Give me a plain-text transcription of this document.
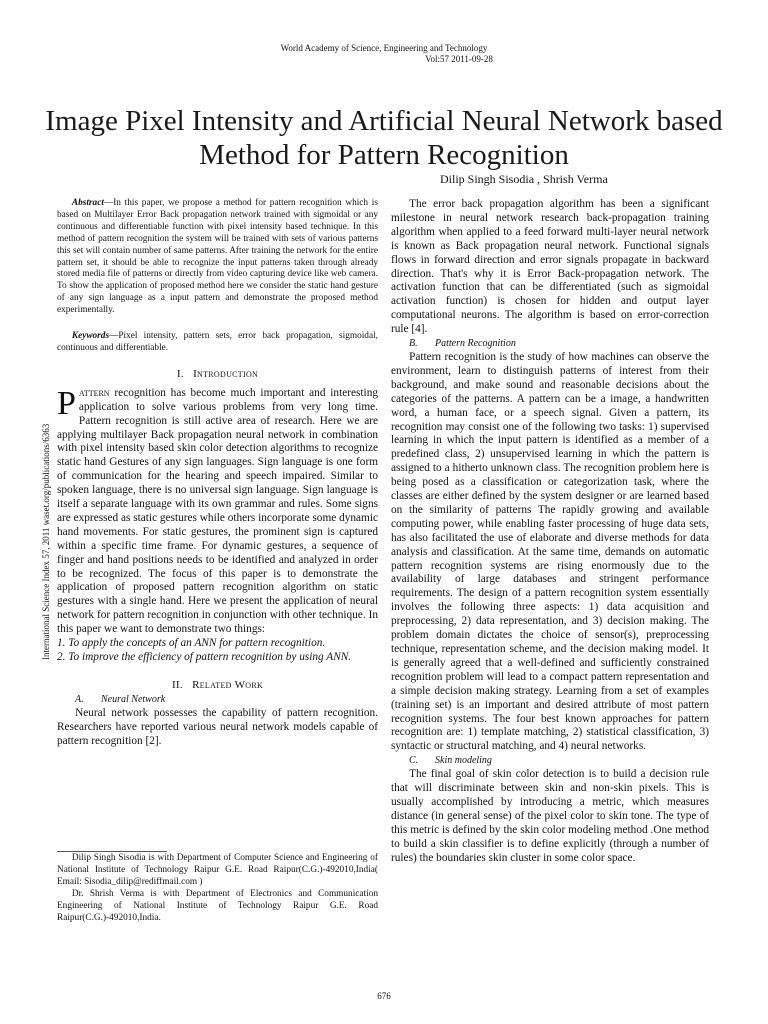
World Academy of Science, Engineering and Technology
Vol:57 2011-09-28
Image Pixel Intensity and Artificial Neural Network based Method for Pattern Recognition
Dilip Singh Sisodia , Shrish Verma
International Science Index 57, 2011 waset.org/publications/6363

Abstract—In this paper, we propose a method for pattern recognition which is based on Multilayer Error Back propagation network trained with sigmoidal or any continuous and differentiable function with pixel intensity based technique. In this method of pattern recognition the system will be trained with sets of various patterns this set will contain number of same patterns. After training the network for the entire pattern set, it should be able to recognize the input patterns taken through already stored media file of patterns or directly from video capturing device like web camera. To show the application of proposed method here we consider the static hand gesture of any sign language as a input pattern and demonstrate the proposed method experimentally.

Keywords—Pixel intensity, pattern sets, error back propagation, sigmoidal, continuous and differentiable.

I. Introduction

Pattern recognition has become much important and interesting application to solve various problems from very long time. Pattern recognition is still active area of research. Here we are applying multilayer Back propagation neural network in combination with pixel intensity based skin color detection algorithms to recognize static hand Gestures of any sign languages. Sign language is one form of communication for the hearing and speech impaired. Similar to spoken language, there is no universal sign language. Sign language is itself a separate language with its own grammar and rules. Some signs are expressed as static gestures while others incorporate some dynamic hand movements. For static gestures, the prominent sign is captured within a specific time frame. For dynamic gestures, a sequence of finger and hand positions needs to be identified and analyzed in order to be recognized. The focus of this paper is to demonstrate the application of proposed pattern recognition algorithm on static gestures with a single hand. Here we present the application of neural network for pattern recognition in conjunction with other technique. In this paper we want to demonstrate two things:

1. To apply the concepts of an ANN for pattern recognition.

2. To improve the efficiency of pattern recognition by using ANN.

II. Related Work
A. Neural Network

Neural network possesses the capability of pattern recognition. Researchers have reported various neural network models capable of pattern recognition [2].

Dilip Singh Sisodia is with Department of Computer Science and Engineering of National Institute of Technology Raipur G.E. Road Raipur(C.G.)-492010,India( Email: Sisodia_dilip@rediffmail.com )

Dr. Shrish Verma is with Department of Electronics and Communication Engineering of National Institute of Technology Raipur G.E. Road Raipur(C.G.)-492010,India.

The error back propagation algorithm has been a significant milestone in neural network research back-propagation training algorithm when applied to a feed forward multi-layer neural network is known as Back propagation neural network. Functional signals flows in forward direction and error signals propagate in backward direction. That's why it is Error Back-propagation network. The activation function that can be differentiated (such as sigmoidal activation function) is chosen for hidden and output layer computational neurons. The algorithm is based on error-correction rule [4].

B. Pattern Recognition

Pattern recognition is the study of how machines can observe the environment, learn to distinguish patterns of interest from their background, and make sound and reasonable decisions about the categories of the patterns. A pattern can be a image, a handwritten word, a human face, or a speech signal. Given a pattern, its recognition may consist one of the following two tasks: 1) supervised learning in which the input pattern is identified as a member of a predefined class, 2) unsupervised learning in which the pattern is assigned to a hitherto unknown class. The recognition problem here is being posed as a classification or categorization task, where the classes are either defined by the system designer or are learned based on the similarity of patterns The rapidly growing and available computing power, while enabling faster processing of huge data sets, has also facilitated the use of elaborate and diverse methods for data analysis and classification. At the same time, demands on automatic pattern recognition systems are rising enormously due to the availability of large databases and stringent performance requirements. The design of a pattern recognition system essentially involves the following three aspects: 1) data acquisition and preprocessing, 2) data representation, and 3) decision making. The problem domain dictates the choice of sensor(s), preprocessing technique, representation scheme, and the decision making model. It is generally agreed that a well-defined and sufficiently constrained recognition problem will lead to a compact pattern representation and a simple decision making strategy. Learning from a set of examples (training set) is an important and desired attribute of most pattern recognition systems. The four best known approaches for pattern recognition are: 1) template matching, 2) statistical classification, 3) syntactic or structural matching, and 4) neural networks.

C. Skin modeling

The final goal of skin color detection is to build a decision rule that will discriminate between skin and non-skin pixels. This is usually accomplished by introducing a metric, which measures distance (in general sense) of the pixel color to skin tone. The type of this metric is defined by the skin color modeling method .One method to build a skin classifier is to define explicitly (through a number of rules) the boundaries skin cluster in some color space.

676
